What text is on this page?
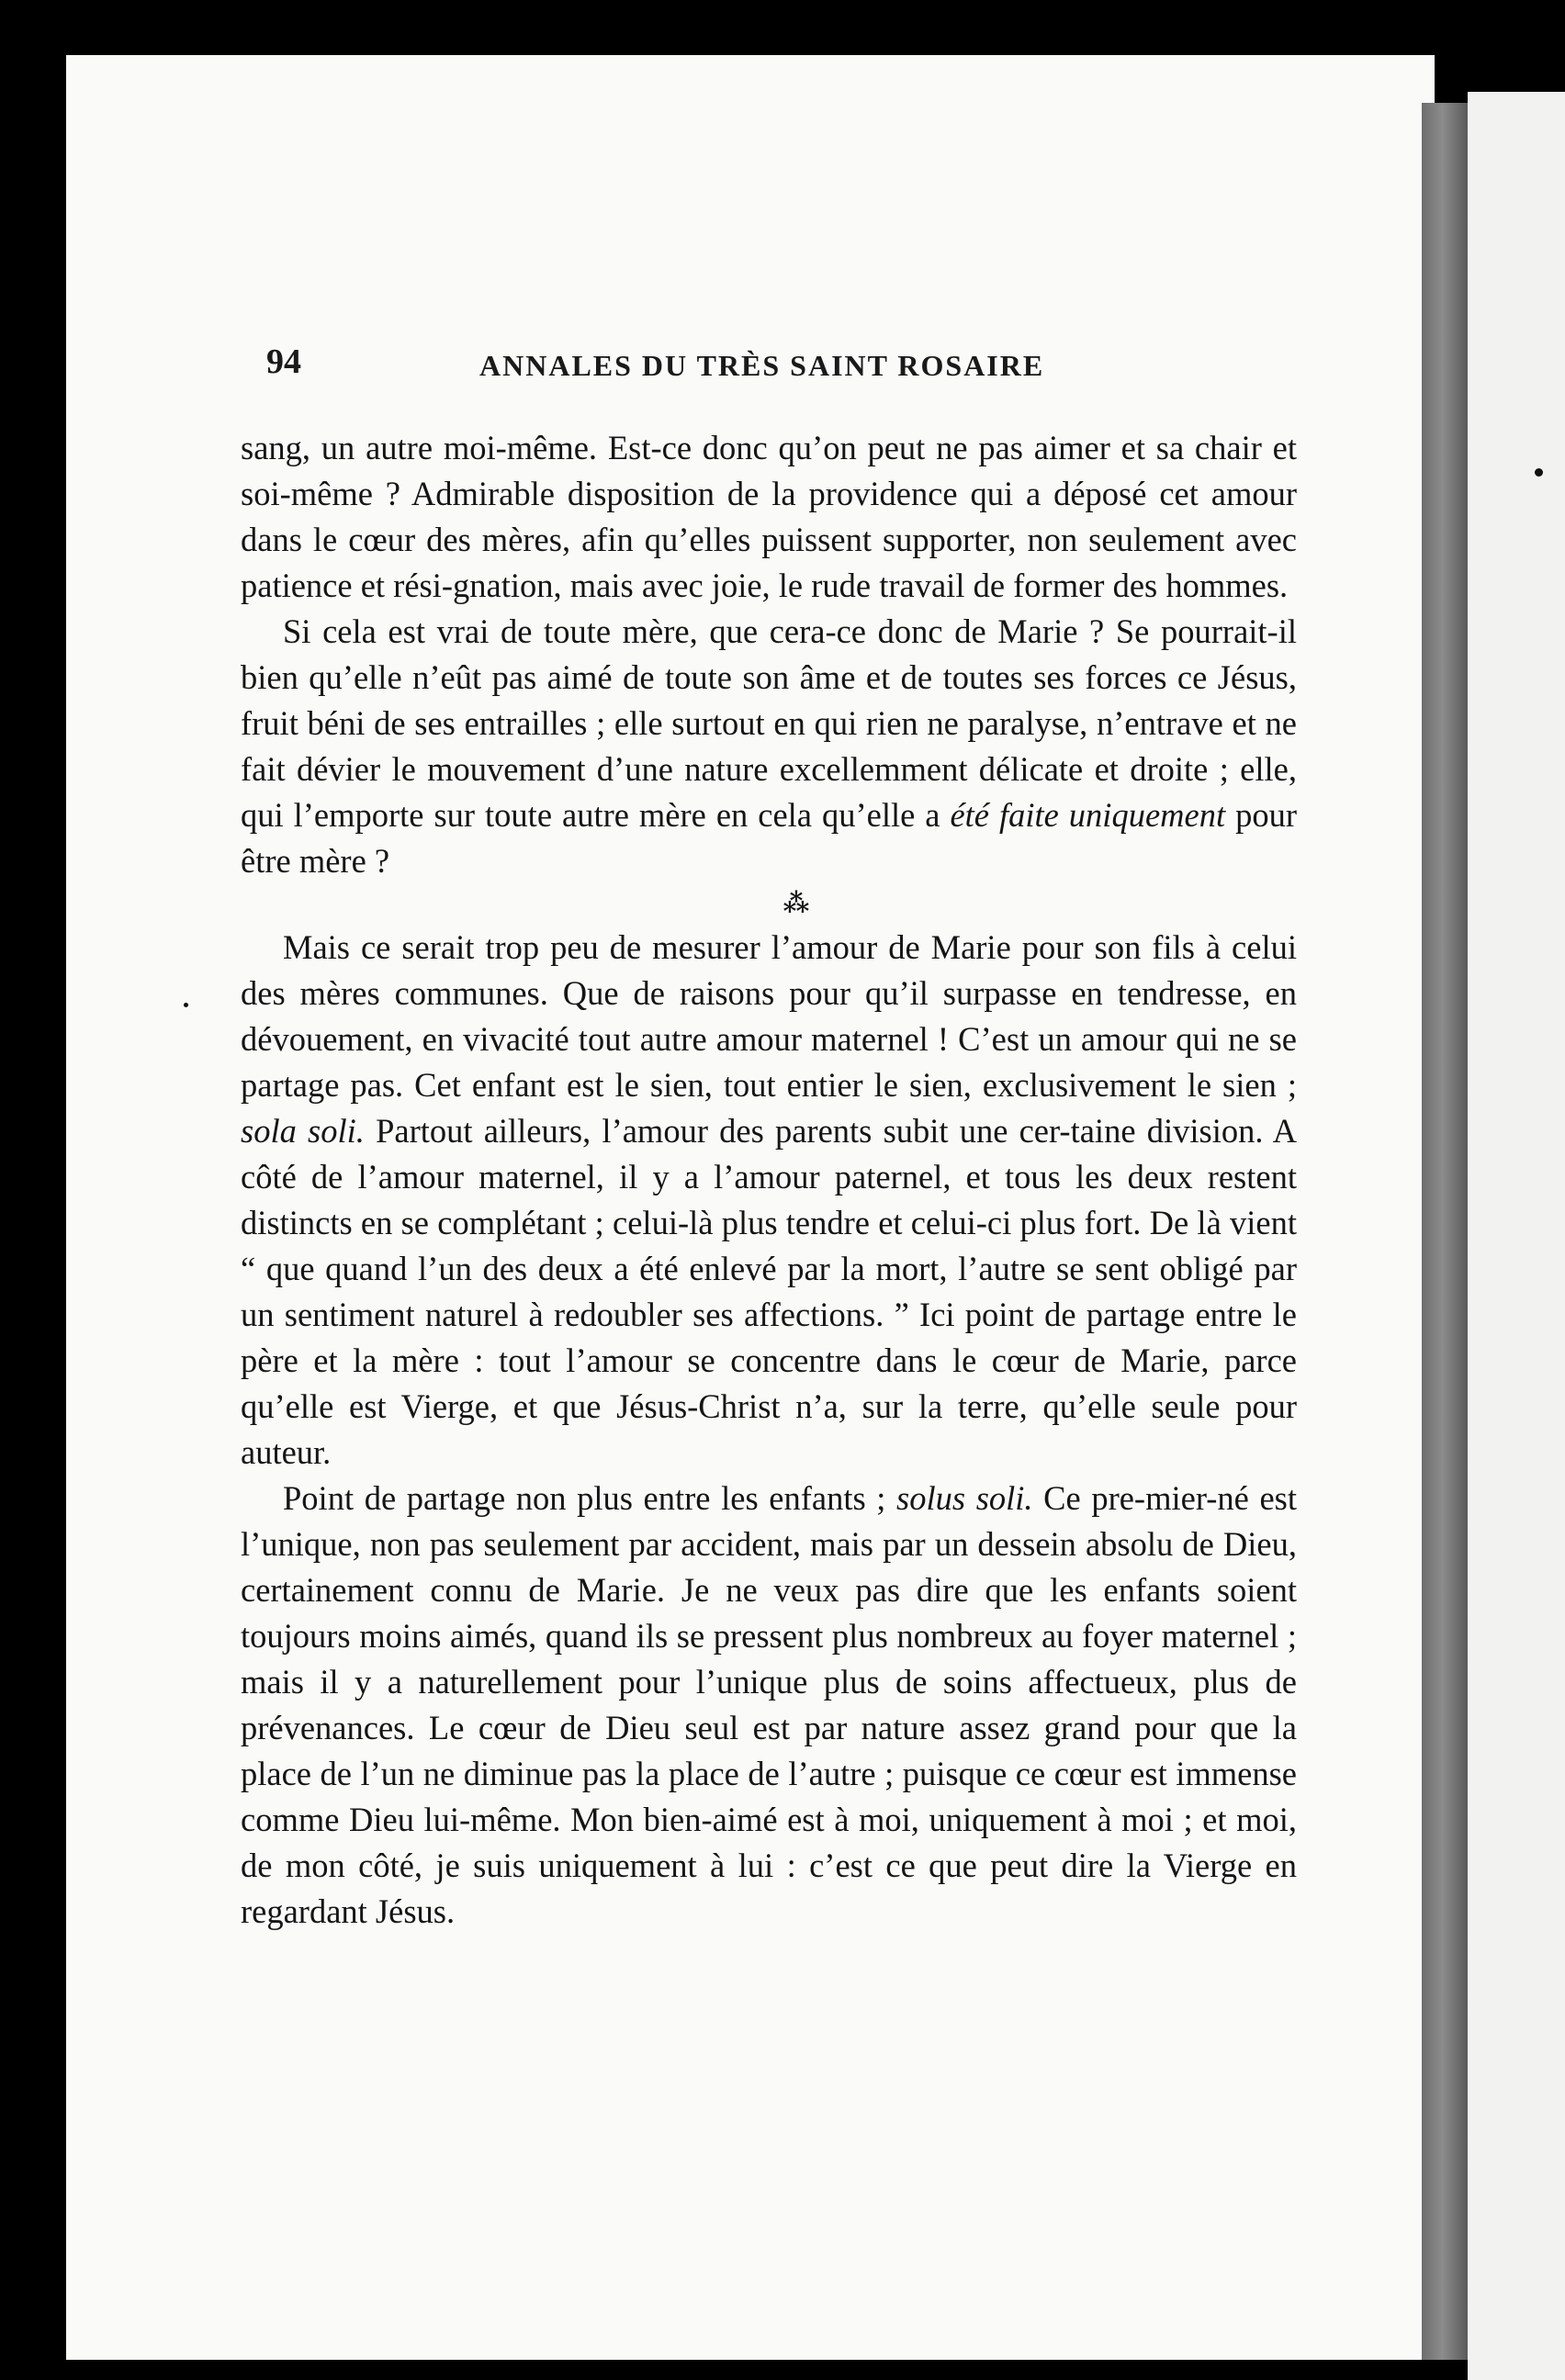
94	ANNALES DU TRÈS SAINT ROSAIRE

sang, un autre moi-même. Est-ce donc qu’on peut ne pas aimer et sa chair et soi-même ? Admirable disposition de la providence qui a déposé cet amour dans le cœur des mères, afin qu’elles puissent supporter, non seulement avec patience et rési-gnation, mais avec joie, le rude travail de former des hommes.

Si cela est vrai de toute mère, que cera-ce donc de Marie ? Se pourrait-il bien qu’elle n’eût pas aimé de toute son âme et de toutes ses forces ce Jésus, fruit béni de ses entrailles ; elle surtout en qui rien ne paralyse, n’entrave et ne fait dévier le mouvement d’une nature excellemment délicate et droite ; elle, qui l’emporte sur toute autre mère en cela qu’elle a été faite uniquement pour être mère ?

⁂

Mais ce serait trop peu de mesurer l’amour de Marie pour son fils à celui des mères communes. Que de raisons pour qu’il surpasse en tendresse, en dévouement, en vivacité tout autre amour maternel ! C’est un amour qui ne se partage pas. Cet enfant est le sien, tout entier le sien, exclusivement le sien ; sola soli. Partout ailleurs, l’amour des parents subit une cer-taine division. A côté de l’amour maternel, il y a l’amour paternel, et tous les deux restent distincts en se complétant ; celui-là plus tendre et celui-ci plus fort. De là vient “ que quand l’un des deux a été enlevé par la mort, l’autre se sent obligé par un sentiment naturel à redoubler ses affections. ” Ici point de partage entre le père et la mère : tout l’amour se concentre dans le cœur de Marie, parce qu’elle est Vierge, et que Jésus-Christ n’a, sur la terre, qu’elle seule pour auteur.

Point de partage non plus entre les enfants ; solus soli. Ce pre-mier-né est l’unique, non pas seulement par accident, mais par un dessein absolu de Dieu, certainement connu de Marie. Je ne veux pas dire que les enfants soient toujours moins aimés, quand ils se pressent plus nombreux au foyer maternel ; mais il y a naturellement pour l’unique plus de soins affectueux, plus de prévenances. Le cœur de Dieu seul est par nature assez grand pour que la place de l’un ne diminue pas la place de l’autre ; puisque ce cœur est immense comme Dieu lui-même. Mon bien-aimé est à moi, uniquement à moi ; et moi, de mon côté, je suis uniquement à lui : c’est ce que peut dire la Vierge en regardant Jésus.
